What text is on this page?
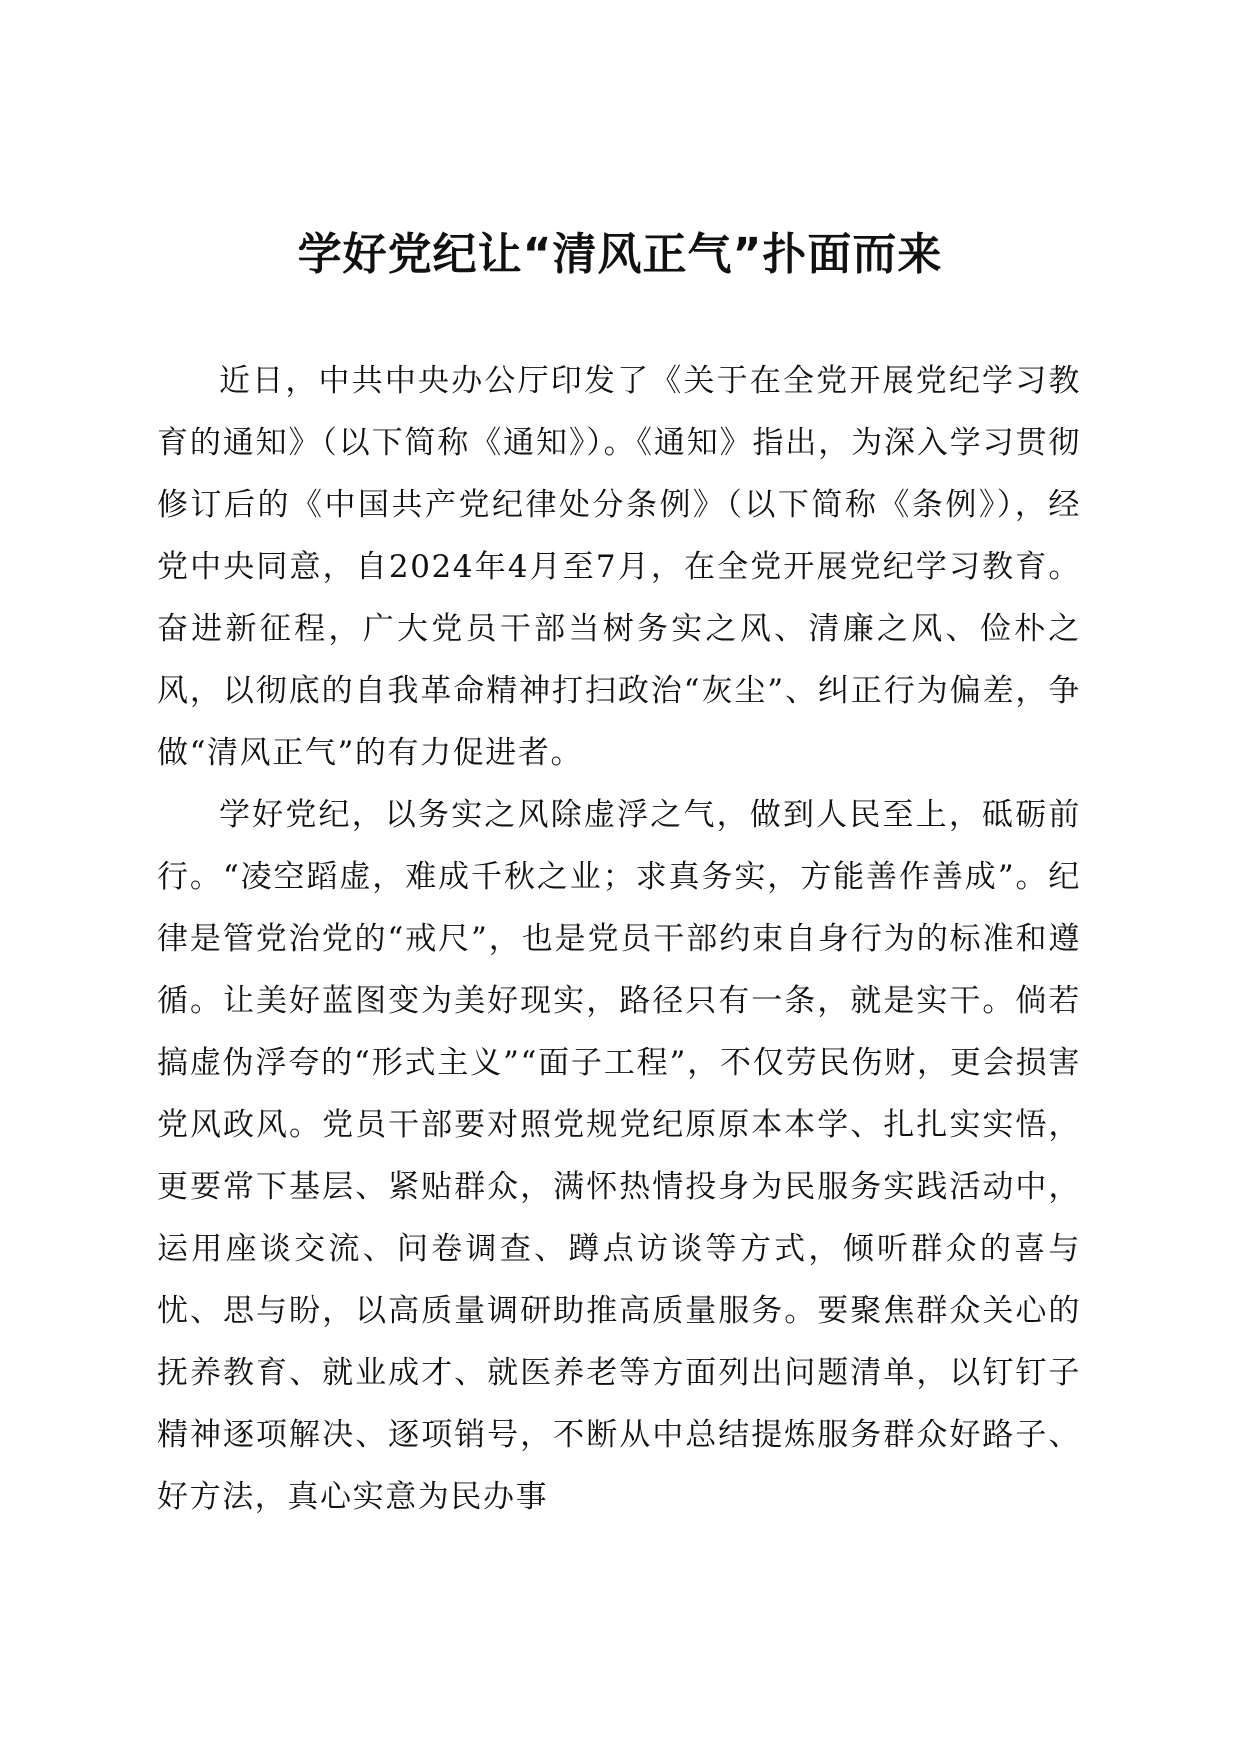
学好党纪让“清风正气”扑面而来

近日，中共中央办公厅印发了《关于在全党开展党纪学习教育的通知》（以下简称《通知》）。《通知》指出，为深入学习贯彻修订后的《中国共产党纪律处分条例》（以下简称《条例》），经党中央同意，自2024年4月至7月，在全党开展党纪学习教育。奋进新征程，广大党员干部当树务实之风、清廉之风、俭朴之风，以彻底的自我革命精神打扫政治“灰尘”、纠正行为偏差，争做“清风正气”的有力促进者。

学好党纪，以务实之风除虚浮之气，做到人民至上，砥砺前行。“凌空蹈虚，难成千秋之业；求真务实，方能善作善成”。纪律是管党治党的“戒尺”，也是党员干部约束自身行为的标准和遵循。让美好蓝图变为美好现实，路径只有一条，就是实干。倘若搞虚伪浮夸的“形式主义”“面子工程”，不仅劳民伤财，更会损害党风政风。党员干部要对照党规党纪原原本本学、扎扎实实悟，更要常下基层、紧贴群众，满怀热情投身为民服务实践活动中，运用座谈交流、问卷调查、蹲点访谈等方式，倾听群众的喜与忧、思与盼，以高质量调研助推高质量服务。要聚焦群众关心的抚养教育、就业成才、就医养老等方面列出问题清单，以钉钉子精神逐项解决、逐项销号，不断从中总结提炼服务群众好路子、好方法，真心实意为民办事
